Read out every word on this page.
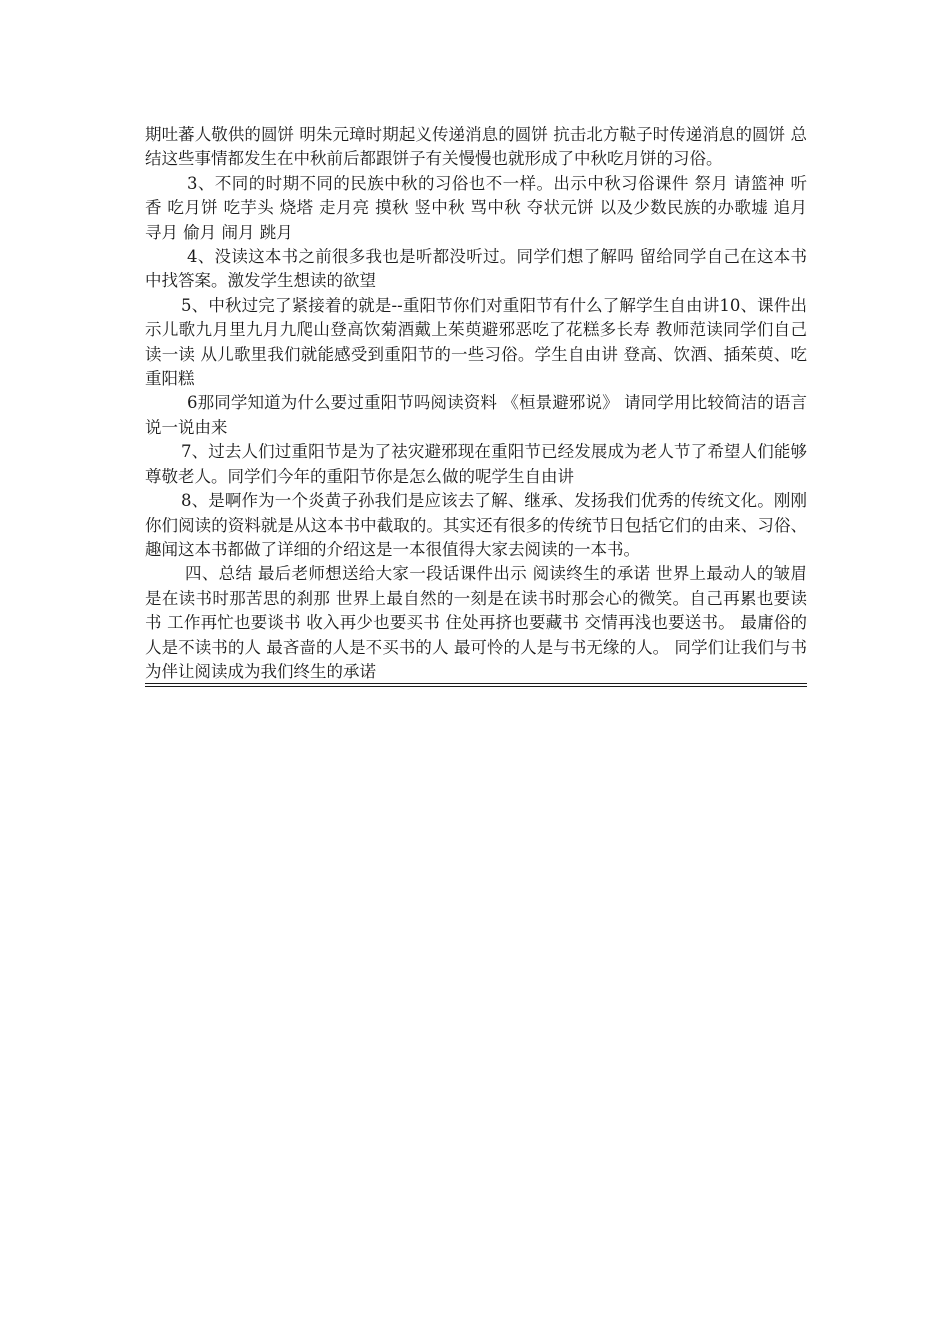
期吐蕃人敬供的圆饼 明朱元璋时期起义传递消息的圆饼 抗击北方鞑子时传递消息的圆饼 总结这些事情都发生在中秋前后都跟饼子有关慢慢也就形成了中秋吃月饼的习俗。

3、不同的时期不同的民族中秋的习俗也不一样。出示中秋习俗课件 祭月 请篮神 听香 吃月饼 吃芋头 烧塔 走月亮 摸秋 竖中秋 骂中秋 夺状元饼 以及少数民族的办歌墟 追月 寻月 偷月 闹月 跳月

4、没读这本书之前很多我也是听都没听过。同学们想了解吗 留给同学自己在这本书中找答案。激发学生想读的欲望

5、中秋过完了紧接着的就是--重阳节你们对重阳节有什么了解学生自由讲10、课件出示儿歌九月里九月九爬山登高饮菊酒戴上茱萸避邪恶吃了花糕多长寿 教师范读同学们自己读一读 从儿歌里我们就能感受到重阳节的一些习俗。学生自由讲 登高、饮酒、插茱萸、吃重阳糕

6那同学知道为什么要过重阳节吗阅读资料 《桓景避邪说》 请同学用比较简洁的语言说一说由来

7、过去人们过重阳节是为了祛灾避邪现在重阳节已经发展成为老人节了希望人们能够尊敬老人。同学们今年的重阳节你是怎么做的呢学生自由讲

8、是啊作为一个炎黄子孙我们是应该去了解、继承、发扬我们优秀的传统文化。刚刚你们阅读的资料就是从这本书中截取的。其实还有很多的传统节日包括它们的由来、习俗、趣闻这本书都做了详细的介绍这是一本很值得大家去阅读的一本书。

四、总结 最后老师想送给大家一段话课件出示 阅读终生的承诺 世界上最动人的皱眉是在读书时那苦思的刹那 世界上最自然的一刻是在读书时那会心的微笑。自己再累也要读书 工作再忙也要谈书 收入再少也要买书 住处再挤也要藏书 交情再浅也要送书。 最庸俗的人是不读书的人 最吝啬的人是不买书的人 最可怜的人是与书无缘的人。 同学们让我们与书为伴让阅读成为我们终生的承诺
